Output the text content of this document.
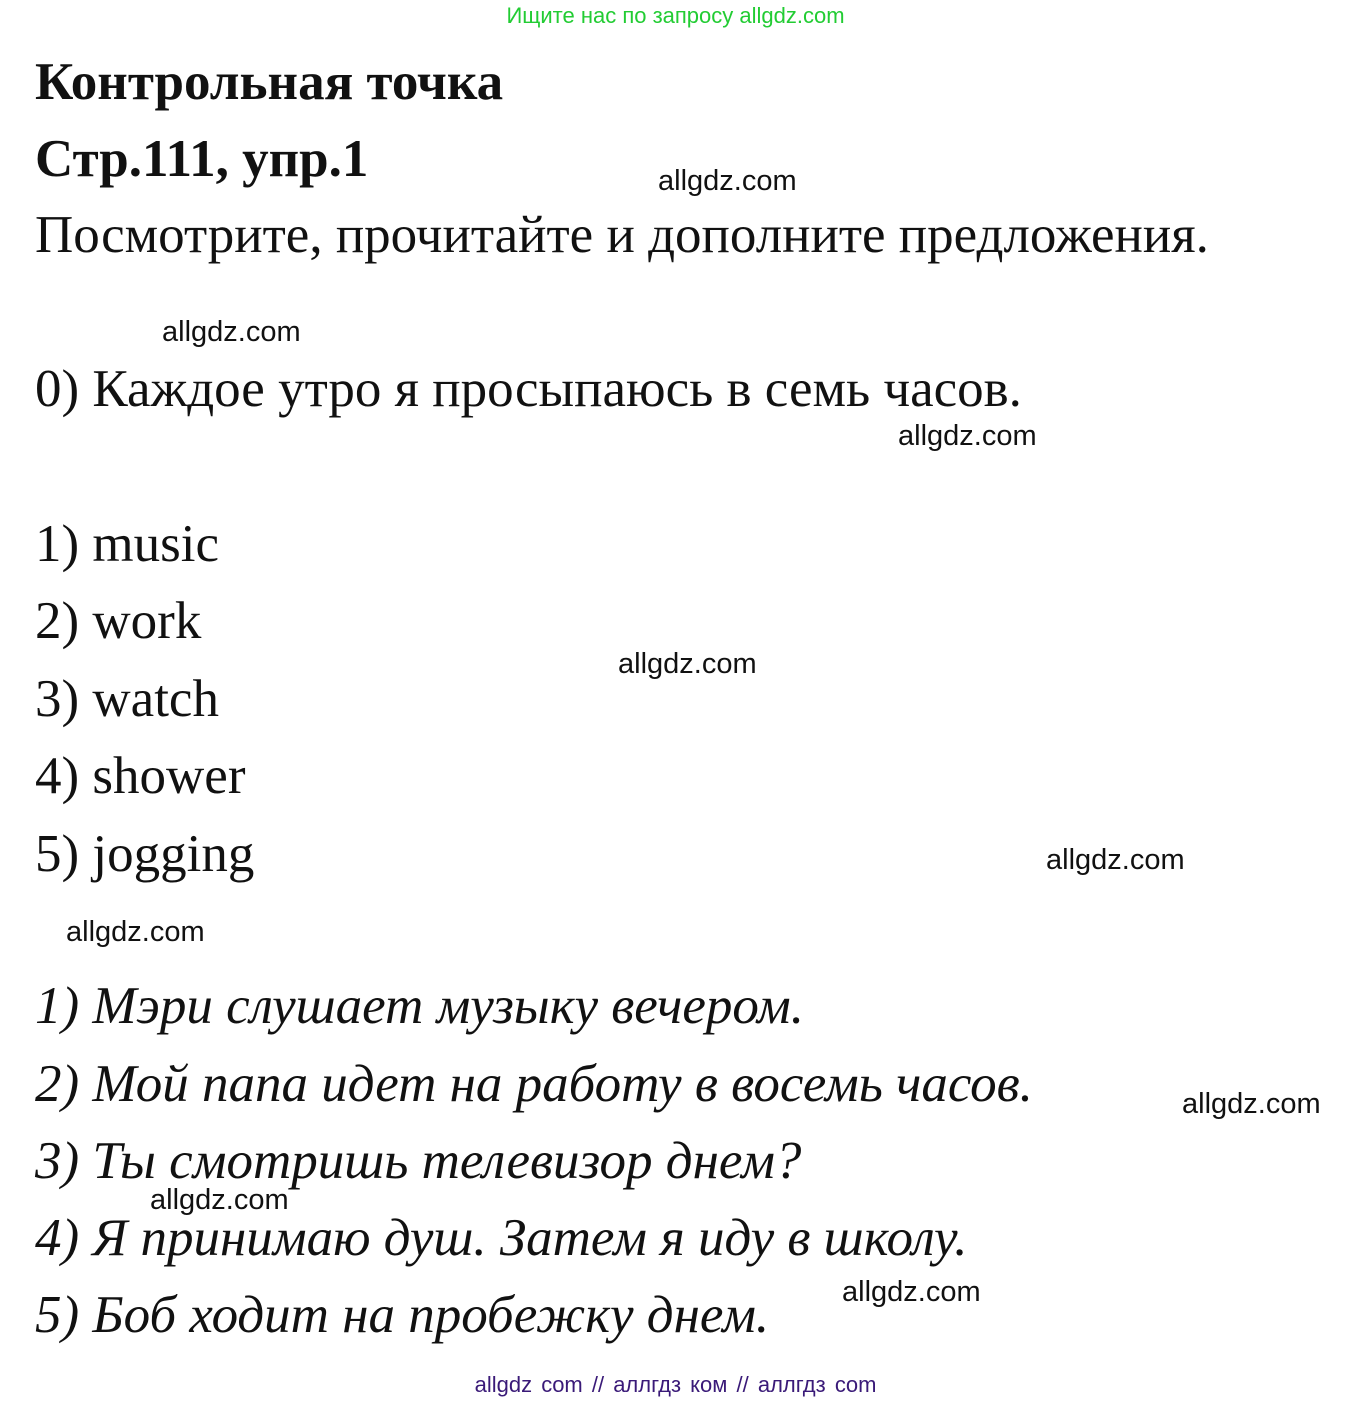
Ищите нас по запросу allgdz.com
Контрольная точка
Стр.111, упр.1
Посмотрите, прочитайте и дополните предложения.
0) Каждое утро я просыпаюсь в семь часов.
1) music
2) work
3) watch
4) shower
5) jogging
1) Мэри слушает музыку вечером.
2) Мой папа идет на работу в восемь часов.
3) Ты смотришь телевизор днем?
4) Я принимаю душ. Затем я иду в школу.
5) Боб ходит на пробежку днем.
allgdz.com
allgdz.com
allgdz.com
allgdz.com
allgdz.com
allgdz.com
allgdz.com
allgdz.com
allgdz.com
allgdz com // аллгдз ком // аллгдз com
